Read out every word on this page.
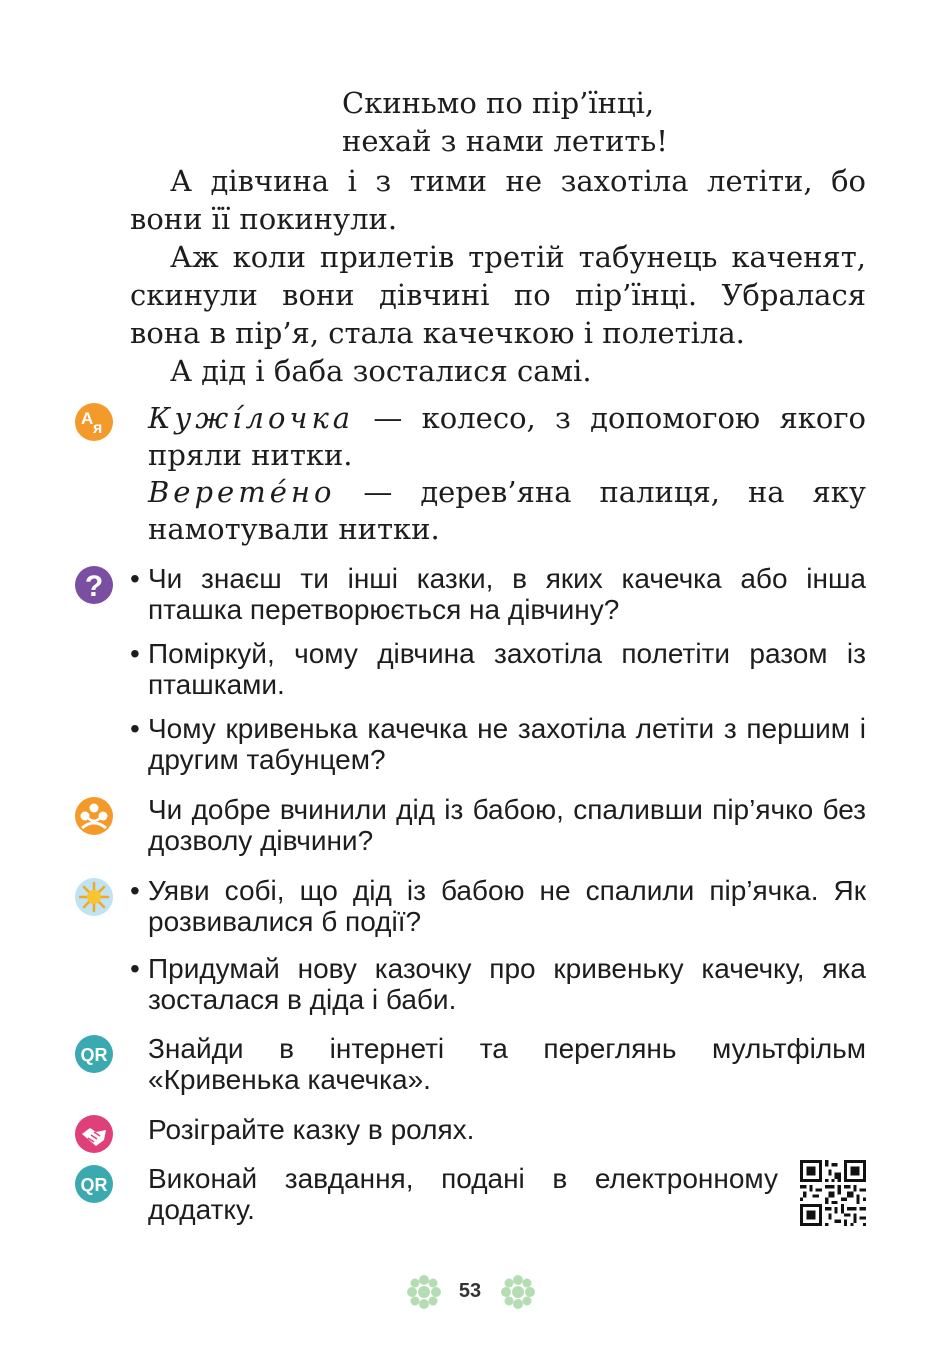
Скиньмо по пір’їнці,
нехай з нами летить!

А дівчина і з тими не захотіла летіти, бо вони її покинули.

Аж коли прилетів третій табунець каченят, скинули вони дівчині по пір’їнці. Убралася вона в пір’я, стала качечкою і полетіла.

А дід і баба зосталися самі.

А
я Кужі́лочка — колесо, з допомогою якого пряли нитки.
Верете́но — дерев’яна палиця, на яку намотували нитки.
? • Чи знаєш ти інші казки, в яких качечка або інша пташка перетворюється на дівчину?
• Поміркуй, чому дівчина захотіла полетіти разом із пташками.
• Чому кривенька качечка не захотіла летіти з першим і другим табунцем?
Чи добре вчинили дід із бабою, спаливши пір’ячко без дозволу дівчини?
• Уяви собі, що дід із бабою не спалили пір’ячка. Як розвивалися б події?
• Придумай нову казочку про кривеньку качечку, яка зосталася в діда і баби.
QR Знайди в інтернеті та переглянь мультфільм «Кривенька качечка».
Розіграйте казку в ролях.
QR Виконай завдання, подані в електронному додатку.
53
